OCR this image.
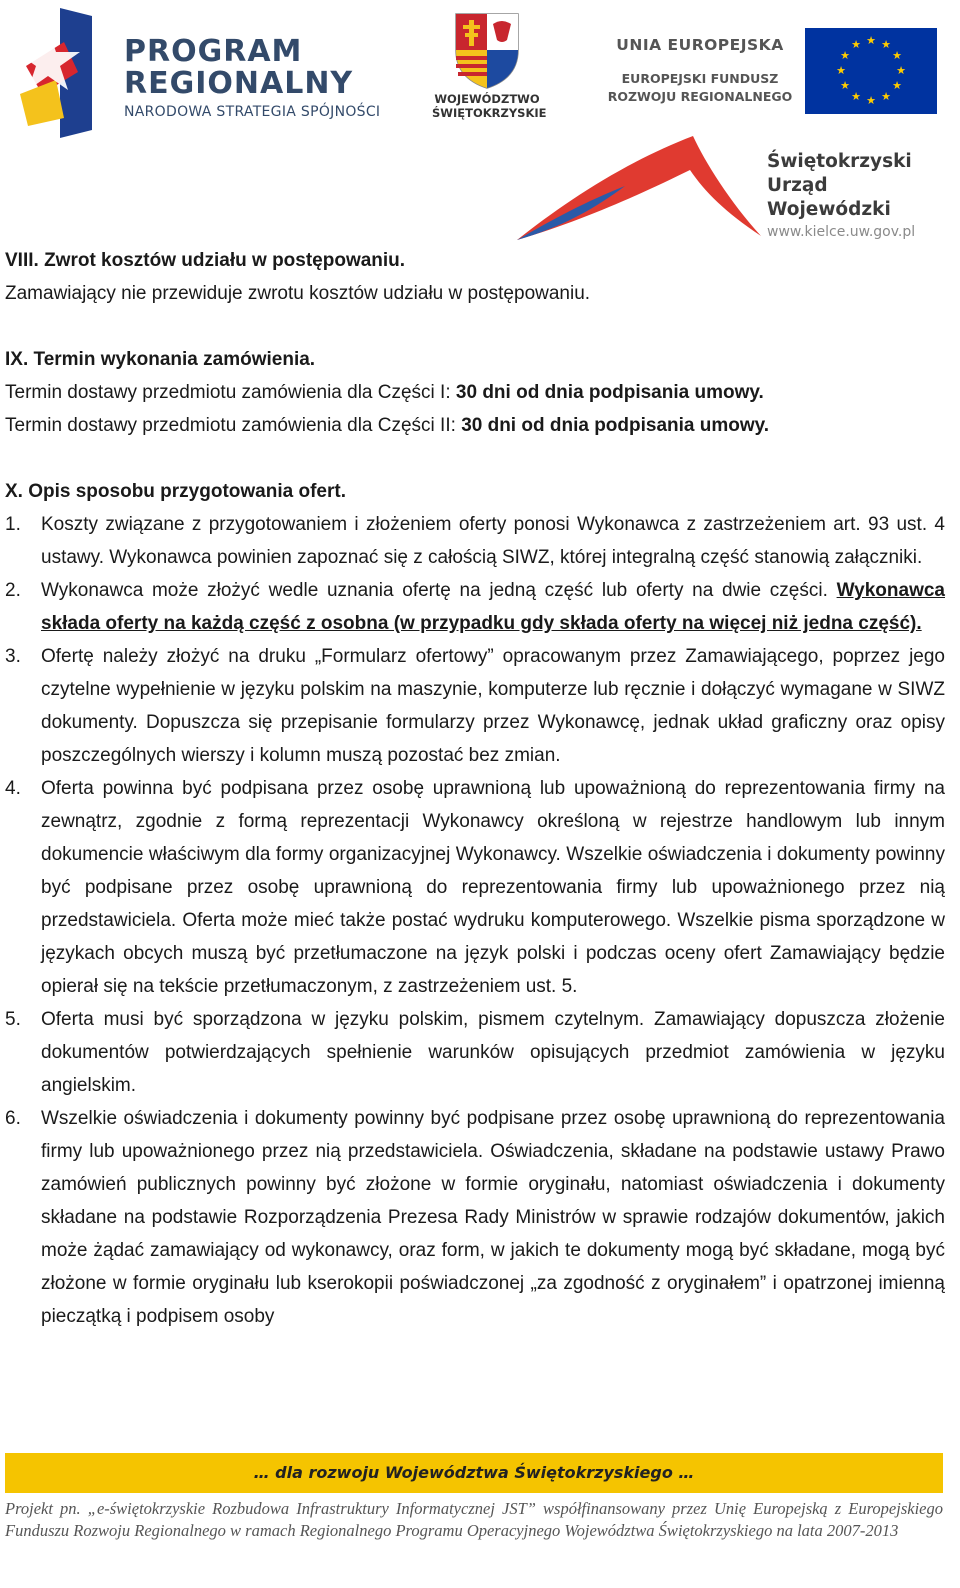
PROGRAM
REGIONALNY
NARODOWA STRATEGIA SPÓJNOŚCI
WOJEWÓDZTWO
ŚWIĘTOKRZYSKIE
UNIA EUROPEJSKA
EUROPEJSKI FUNDUSZ
ROZWOJU REGIONALNEGO
★ ★
★
★
★
★
★
★
★
★
★
★
Świętokrzyski
Urząd Wojewódzki
www.kielce.uw.gov.pl
VIII. Zwrot kosztów udziału w postępowaniu.
Zamawiający nie przewiduje zwrotu kosztów udziału w postępowaniu.
IX. Termin wykonania zamówienia.
Termin dostawy przedmiotu zamówienia dla Części I: 30 dni od dnia podpisania umowy.
Termin dostawy przedmiotu zamówienia dla Części II: 30 dni od dnia podpisania umowy.
X. Opis sposobu przygotowania ofert.
1. Koszty związane z przygotowaniem i złożeniem oferty ponosi Wykonawca z zastrzeżeniem art. 93 ust. 4 ustawy. Wykonawca powinien zapoznać się z całością SIWZ, której integralną część stanowią załączniki.
2. Wykonawca może złożyć wedle uznania ofertę na jedną część lub oferty na dwie części. Wykonawca składa oferty na każdą część z osobna (w przypadku gdy składa oferty na więcej niż jedna część).
3. Ofertę należy złożyć na druku „Formularz ofertowy” opracowanym przez Zamawiającego, poprzez jego czytelne wypełnienie w języku polskim na maszynie, komputerze lub ręcznie i dołączyć wymagane w SIWZ dokumenty. Dopuszcza się przepisanie formularzy przez Wykonawcę, jednak układ graficzny oraz opisy poszczególnych wierszy i kolumn muszą pozostać bez zmian.
4. Oferta powinna być podpisana przez osobę uprawnioną lub upoważnioną do reprezentowania firmy na zewnątrz, zgodnie z formą reprezentacji Wykonawcy określoną w rejestrze handlowym lub innym dokumencie właściwym dla formy organizacyjnej Wykonawcy. Wszelkie oświadczenia i dokumenty powinny być podpisane przez osobę uprawnioną do reprezentowania firmy lub upoważnionego przez nią przedstawiciela. Oferta może mieć także postać wydruku komputerowego. Wszelkie pisma sporządzone w językach obcych muszą być przetłumaczone na język polski i podczas oceny ofert Zamawiający będzie opierał się na tekście przetłumaczonym, z zastrzeżeniem ust. 5.
5. Oferta musi być sporządzona w języku polskim, pismem czytelnym. Zamawiający dopuszcza złożenie dokumentów potwierdzających spełnienie warunków opisujących przedmiot zamówienia w języku angielskim.
6. Wszelkie oświadczenia i dokumenty powinny być podpisane przez osobę uprawnioną do reprezentowania firmy lub upoważnionego przez nią przedstawiciela. Oświadczenia, składane na podstawie ustawy Prawo zamówień publicznych powinny być złożone w formie oryginału, natomiast oświadczenia i dokumenty składane na podstawie Rozporządzenia Prezesa Rady Ministrów w sprawie rodzajów dokumentów, jakich może żądać zamawiający od wykonawcy, oraz form, w jakich te dokumenty mogą być składane, mogą być złożone w formie oryginału lub kserokopii poświadczonej „za zgodność z oryginałem” i opatrzonej imienną pieczątką i podpisem osoby
… dla rozwoju Województwa Świętokrzyskiego …
Projekt pn. „e-świętokrzyskie Rozbudowa Infrastruktury Informatycznej JST” współfinansowany przez Unię Europejską z Europejskiego Funduszu Rozwoju Regionalnego w ramach Regionalnego Programu Operacyjnego Województwa Świętokrzyskiego na lata 2007-2013
